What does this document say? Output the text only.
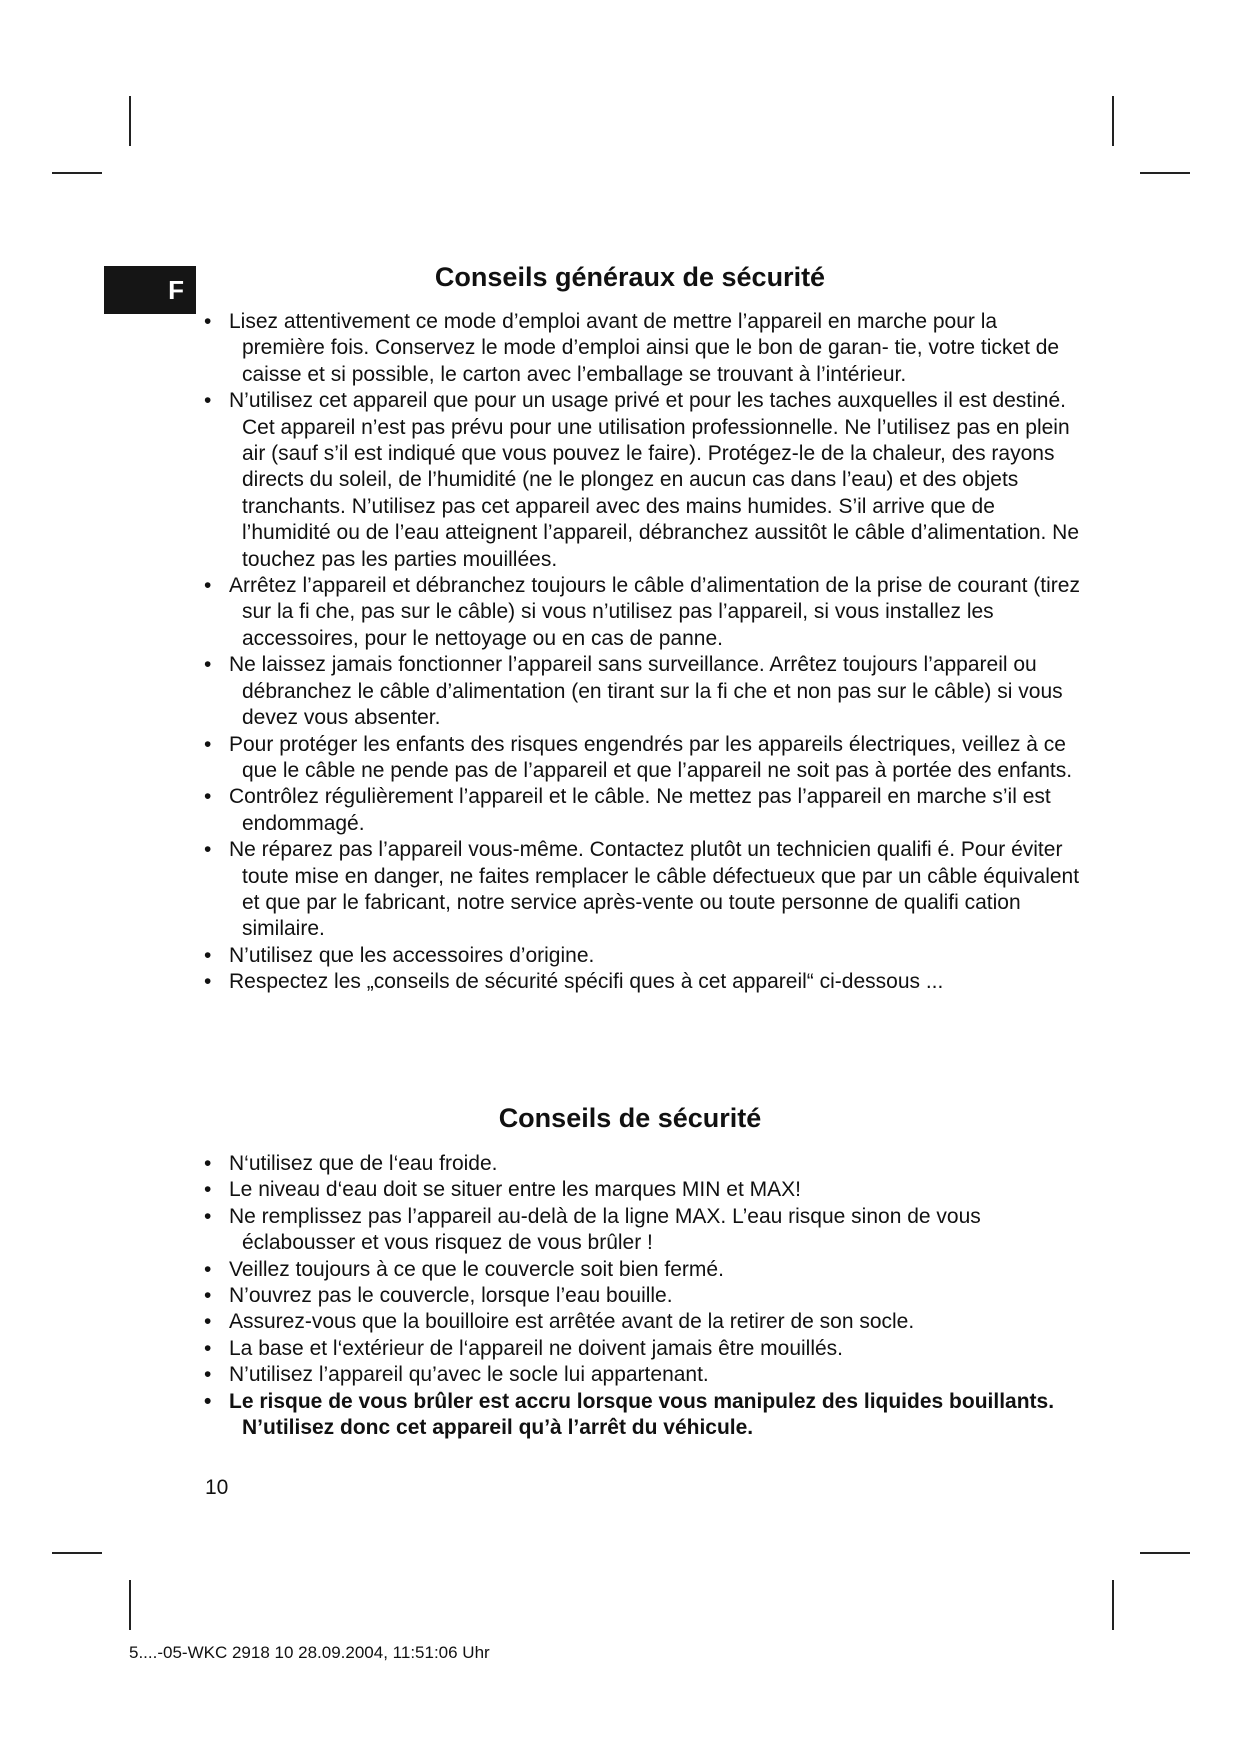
F	Conseils généraux de sécurité
• Lisez attentivement ce mode d’emploi avant de mettre l’appareil en marche pour la première fois. Conservez le mode d’emploi ainsi que le bon de garan- tie, votre ticket de caisse et si possible, le carton avec l’emballage se trouvant à l’intérieur.
• N’utilisez cet appareil que pour un usage privé et pour les taches auxquelles il est destiné. Cet appareil n’est pas prévu pour une utilisation professionnelle. Ne l’utilisez pas en plein air (sauf s’il est indiqué que vous pouvez le faire). Protégez-le de la chaleur, des rayons directs du soleil, de l’humidité (ne le plongez en aucun cas dans l’eau) et des objets tranchants. N’utilisez pas cet appareil avec des mains humides. S’il arrive que de l’humidité ou de l’eau atteignent l’appareil, débranchez aussitôt le câble d’alimentation. Ne touchez pas les parties mouillées.
• Arrêtez l’appareil et débranchez toujours le câble d’alimentation de la prise de courant (tirez sur la fi che, pas sur le câble) si vous n’utilisez pas l’appareil, si vous installez les accessoires, pour le nettoyage ou en cas de panne.
• Ne laissez jamais fonctionner l’appareil sans surveillance. Arrêtez toujours l’appareil ou débranchez le câble d’alimentation (en tirant sur la fi che et non pas sur le câble) si vous devez vous absenter.
• Pour protéger les enfants des risques engendrés par les appareils électriques, veillez à ce que le câble ne pende pas de l’appareil et que l’appareil ne soit pas à portée des enfants.
• Contrôlez régulièrement l’appareil et le câble. Ne mettez pas l’appareil en marche s’il est endommagé.
• Ne réparez pas l’appareil vous-même. Contactez plutôt un technicien qualifi é. Pour éviter toute mise en danger, ne faites remplacer le câble défectueux que par un câble équivalent et que par le fabricant, notre service après-vente ou toute personne de qualifi cation similaire.
• N’utilisez que les accessoires d’origine.
• Respectez les „conseils de sécurité spécifi ques à cet appareil“ ci-dessous ...
Conseils de sécurité
• N‘utilisez que de l‘eau froide.
• Le niveau d‘eau doit se situer entre les marques MIN et MAX!
• Ne remplissez pas l’appareil au-delà de la ligne MAX. L’eau risque sinon de vous éclabousser et vous risquez de vous brûler !
• Veillez toujours à ce que le couvercle soit bien fermé.
• N’ouvrez pas le couvercle, lorsque l’eau bouille.
• Assurez-vous que la bouilloire est arrêtée avant de la retirer de son socle.
• La base et l‘extérieur de l‘appareil ne doivent jamais être mouillés.
• N’utilisez l’appareil qu’avec le socle lui appartenant.
• Le risque de vous brûler est accru lorsque vous manipulez des liquides bouillants. N’utilisez donc cet appareil qu’à l’arrêt du véhicule.
10
5....-05-WKC 2918 10 28.09.2004, 11:51:06 Uhr
